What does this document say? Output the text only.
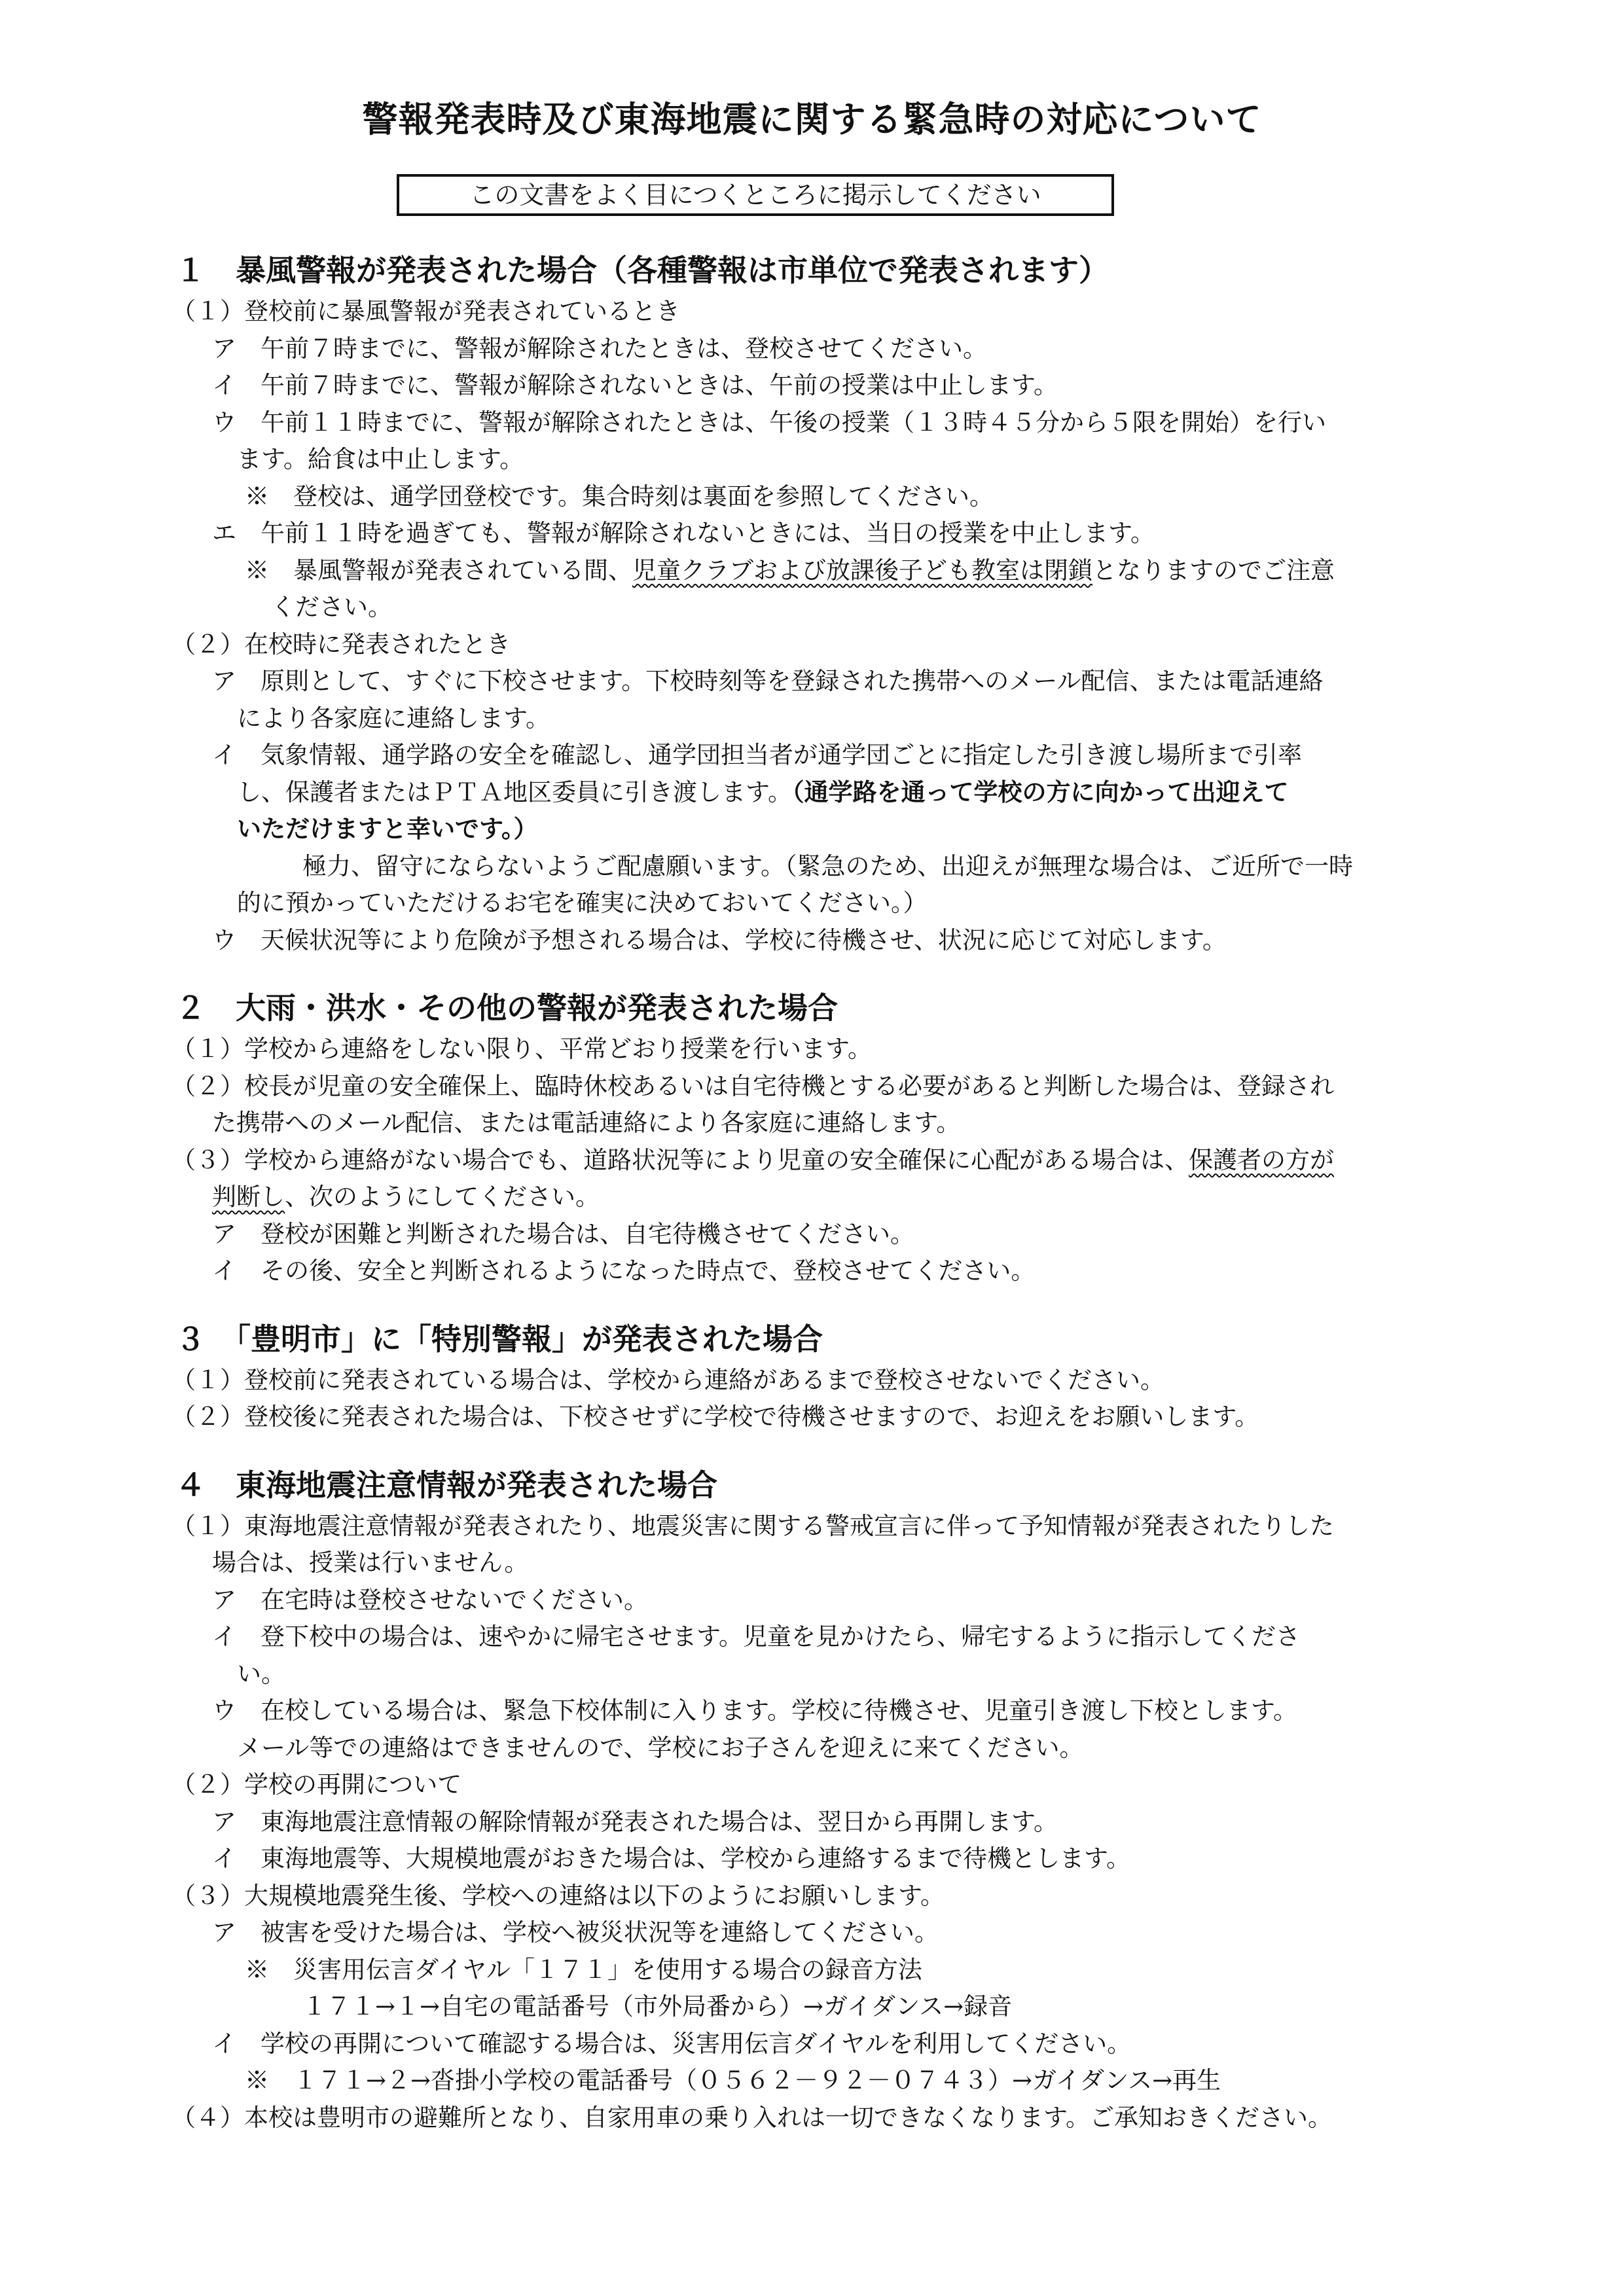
警報発表時及び東海地震に関する緊急時の対応について
この文書をよく目につくところに掲示してください
１　暴風警報が発表された場合（各種警報は市単位で発表されます）
（１）登校前に暴風警報が発表されているとき
ア　午前７時までに、警報が解除されたときは、登校させてください。
イ　午前７時までに、警報が解除されないときは、午前の授業は中止します。
ウ　午前１１時までに、警報が解除されたときは、午後の授業（１３時４５分から５限を開始）を行い
ます。給食は中止します。
※　登校は、通学団登校です。集合時刻は裏面を参照してください。
エ　午前１１時を過ぎても、警報が解除されないときには、当日の授業を中止します。
※　暴風警報が発表されている間、児童クラブおよび放課後子ども教室は閉鎖となりますのでご注意
ください。
（２）在校時に発表されたとき
ア　原則として、すぐに下校させます。下校時刻等を登録された携帯へのメール配信、または電話連絡
により各家庭に連絡します。
イ　気象情報、通学路の安全を確認し、通学団担当者が通学団ごとに指定した引き渡し場所まで引率
し、保護者またはＰＴＡ地区委員に引き渡します。（通学路を通って学校の方に向かって出迎えて
いただけますと幸いです。）
極力、留守にならないようご配慮願います。（緊急のため、出迎えが無理な場合は、ご近所で一時
的に預かっていただけるお宅を確実に決めておいてください。）
ウ　天候状況等により危険が予想される場合は、学校に待機させ、状況に応じて対応します。
２　大雨・洪水・その他の警報が発表された場合
（１）学校から連絡をしない限り、平常どおり授業を行います。
（２）校長が児童の安全確保上、臨時休校あるいは自宅待機とする必要があると判断した場合は、登録され
た携帯へのメール配信、または電話連絡により各家庭に連絡します。
（３）学校から連絡がない場合でも、道路状況等により児童の安全確保に心配がある場合は、保護者の方が
判断し、次のようにしてください。
ア　登校が困難と判断された場合は、自宅待機させてください。
イ　その後、安全と判断されるようになった時点で、登校させてください。
３　「豊明市」に「特別警報」が発表された場合
（１）登校前に発表されている場合は、学校から連絡があるまで登校させないでください。
（２）登校後に発表された場合は、下校させずに学校で待機させますので、お迎えをお願いします。
４　東海地震注意情報が発表された場合
（１）東海地震注意情報が発表されたり、地震災害に関する警戒宣言に伴って予知情報が発表されたりした
場合は、授業は行いません。
ア　在宅時は登校させないでください。
イ　登下校中の場合は、速やかに帰宅させます。児童を見かけたら、帰宅するように指示してくださ
い。
ウ　在校している場合は、緊急下校体制に入ります。学校に待機させ、児童引き渡し下校とします。
メール等での連絡はできませんので、学校にお子さんを迎えに来てください。
（２）学校の再開について
ア　東海地震注意情報の解除情報が発表された場合は、翌日から再開します。
イ　東海地震等、大規模地震がおきた場合は、学校から連絡するまで待機とします。
（３）大規模地震発生後、学校への連絡は以下のようにお願いします。
ア　被害を受けた場合は、学校へ被災状況等を連絡してください。
※　災害用伝言ダイヤル「１７１」を使用する場合の録音方法
１７１→１→自宅の電話番号（市外局番から）→ガイダンス→録音
イ　学校の再開について確認する場合は、災害用伝言ダイヤルを利用してください。
※　１７１→２→沓掛小学校の電話番号（０５６２－９２－０７４３）→ガイダンス→再生
（４）本校は豊明市の避難所となり、自家用車の乗り入れは一切できなくなります。ご承知おきください。
